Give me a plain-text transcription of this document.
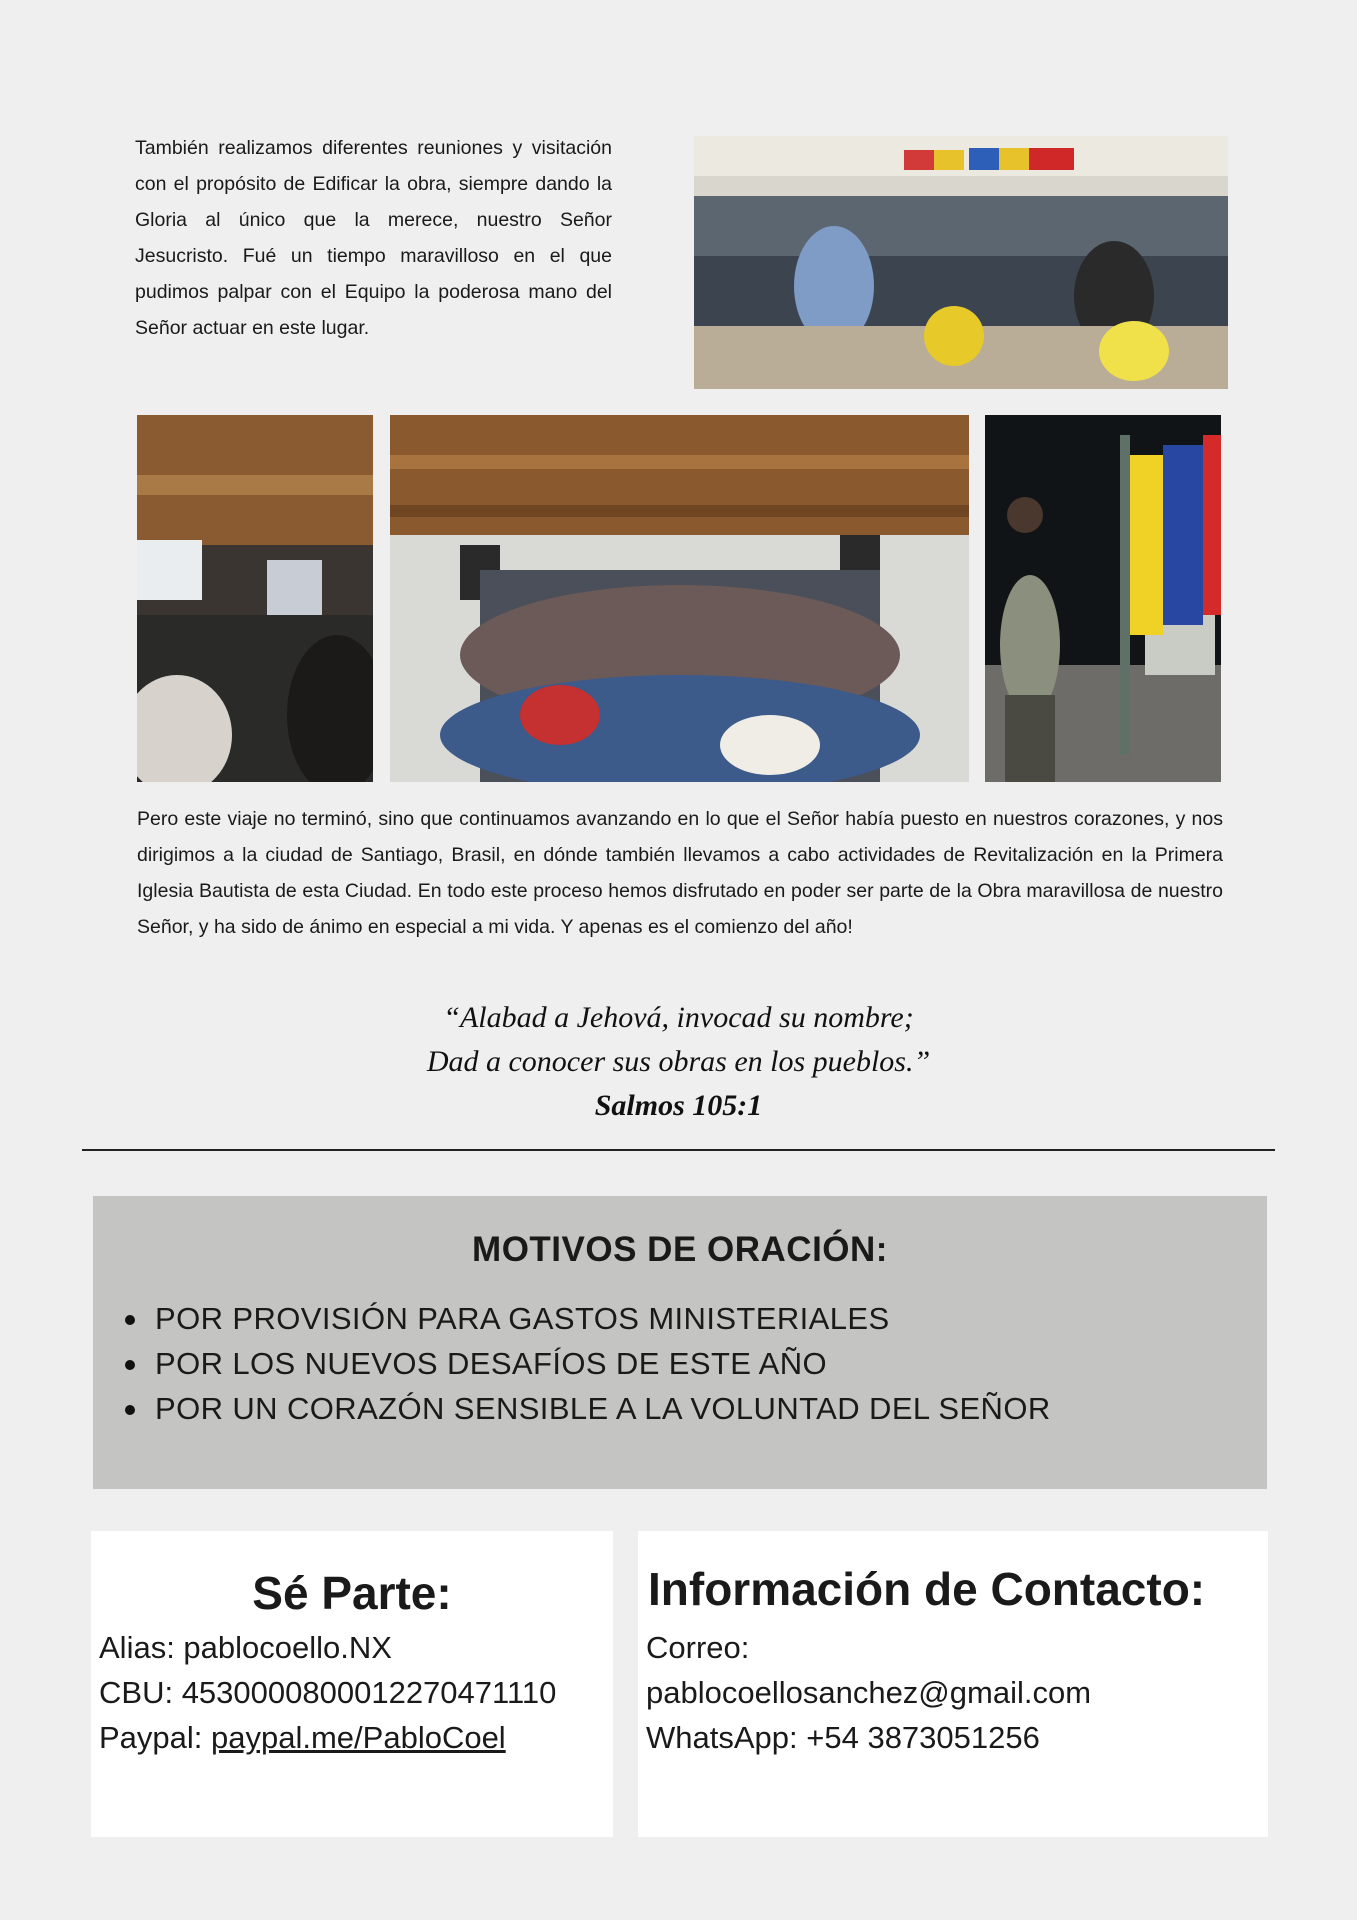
También realizamos diferentes reuniones y visitación con el propósito de Edificar la obra, siempre dando la Gloria al único que la merece, nuestro Señor Jesucristo. Fué un tiempo maravilloso en el que pudimos palpar con el Equipo la poderosa mano del Señor actuar en este lugar.
Pero este viaje no terminó, sino que continuamos avanzando en lo que el Señor había puesto en nuestros corazones, y nos dirigimos a la ciudad de Santiago, Brasil, en dónde también llevamos a cabo actividades de Revitalización en la Primera Iglesia Bautista de esta Ciudad. En todo este proceso hemos disfrutado en poder ser parte de la Obra maravillosa de nuestro Señor, y ha sido de ánimo en especial a mi vida. Y apenas es el comienzo del año!
“Alabad a Jehová, invocad su nombre;
Dad a conocer sus obras en los pueblos.”
Salmos 105:1
MOTIVOS DE ORACIÓN:
POR PROVISIÓN PARA GASTOS MINISTERIALES
POR LOS NUEVOS DESAFÍOS DE ESTE AÑO
POR UN CORAZÓN SENSIBLE A LA VOLUNTAD DEL SEÑOR
Sé Parte:
Alias: pablocoello.NX
CBU: 4530000800012270471110
Paypal: paypal.me/PabloCoel
Información de Contacto:
Correo:
pablocoellosanchez@gmail.com
WhatsApp: +54 3873051256
